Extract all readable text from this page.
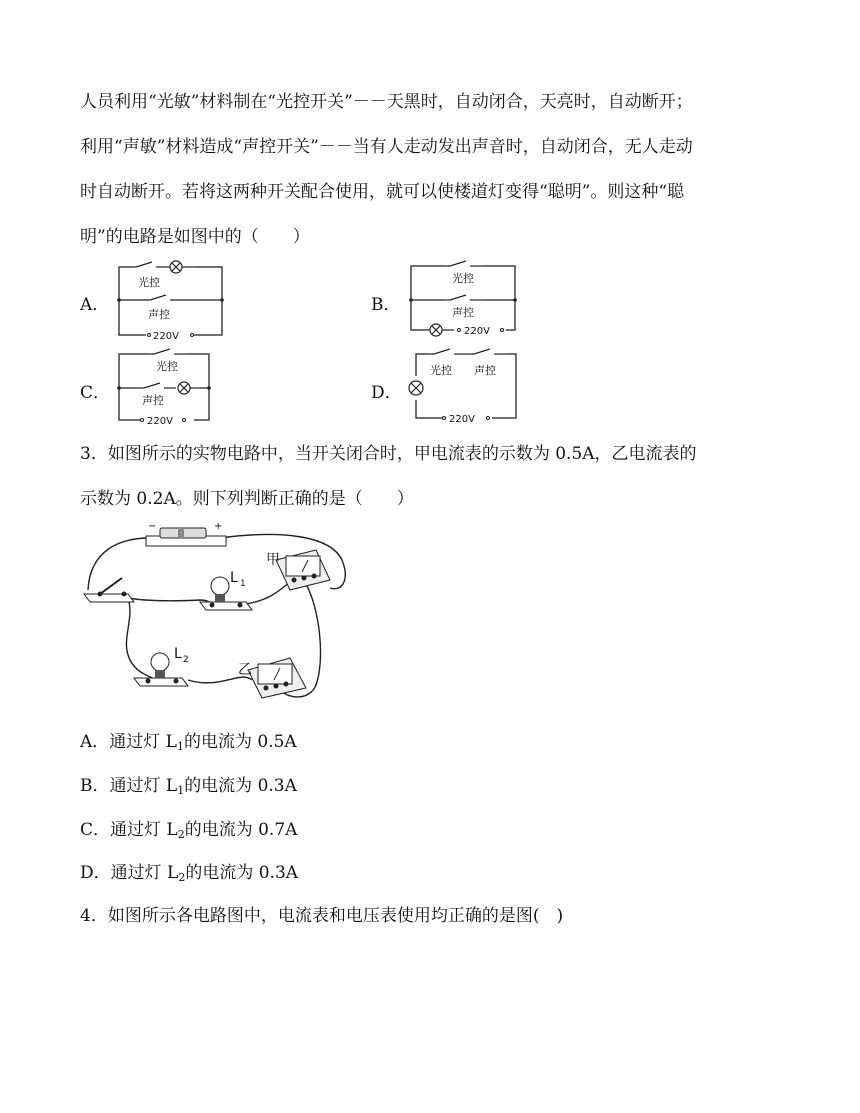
人员利用“光敏”材料制在“光控开关”－－天黑时，自动闭合，天亮时，自动断开；
利用“声敏”材料造成“声控开关”－－当有人走动发出声音时，自动闭合，无人走动
时自动断开。若将这两种开关配合使用，就可以使楼道灯变得“聪明”。则这种“聪
明”的电路是如图中的（　　）
A．	B．
C．	D．
光控
声控
220V
光控
声控
220V
光控
声控
220V
光控 声控
220V
3．如图所示的实物电路中，当开关闭合时，甲电流表的示数为 0.5A，乙电流表的
示数为 0.2A。则下列判断正确的是（　　）
−	+
L 1
L 2
甲
乙
A．通过灯 $L_1$的电流为 0.5A
B．通过灯 $L_1$的电流为 0.3A
C．通过灯 $L_2$的电流为 0.7A
D．通过灯 $L_2$的电流为 0.3A
4．如图所示各电路图中，电流表和电压表使用均正确的是图(　)
